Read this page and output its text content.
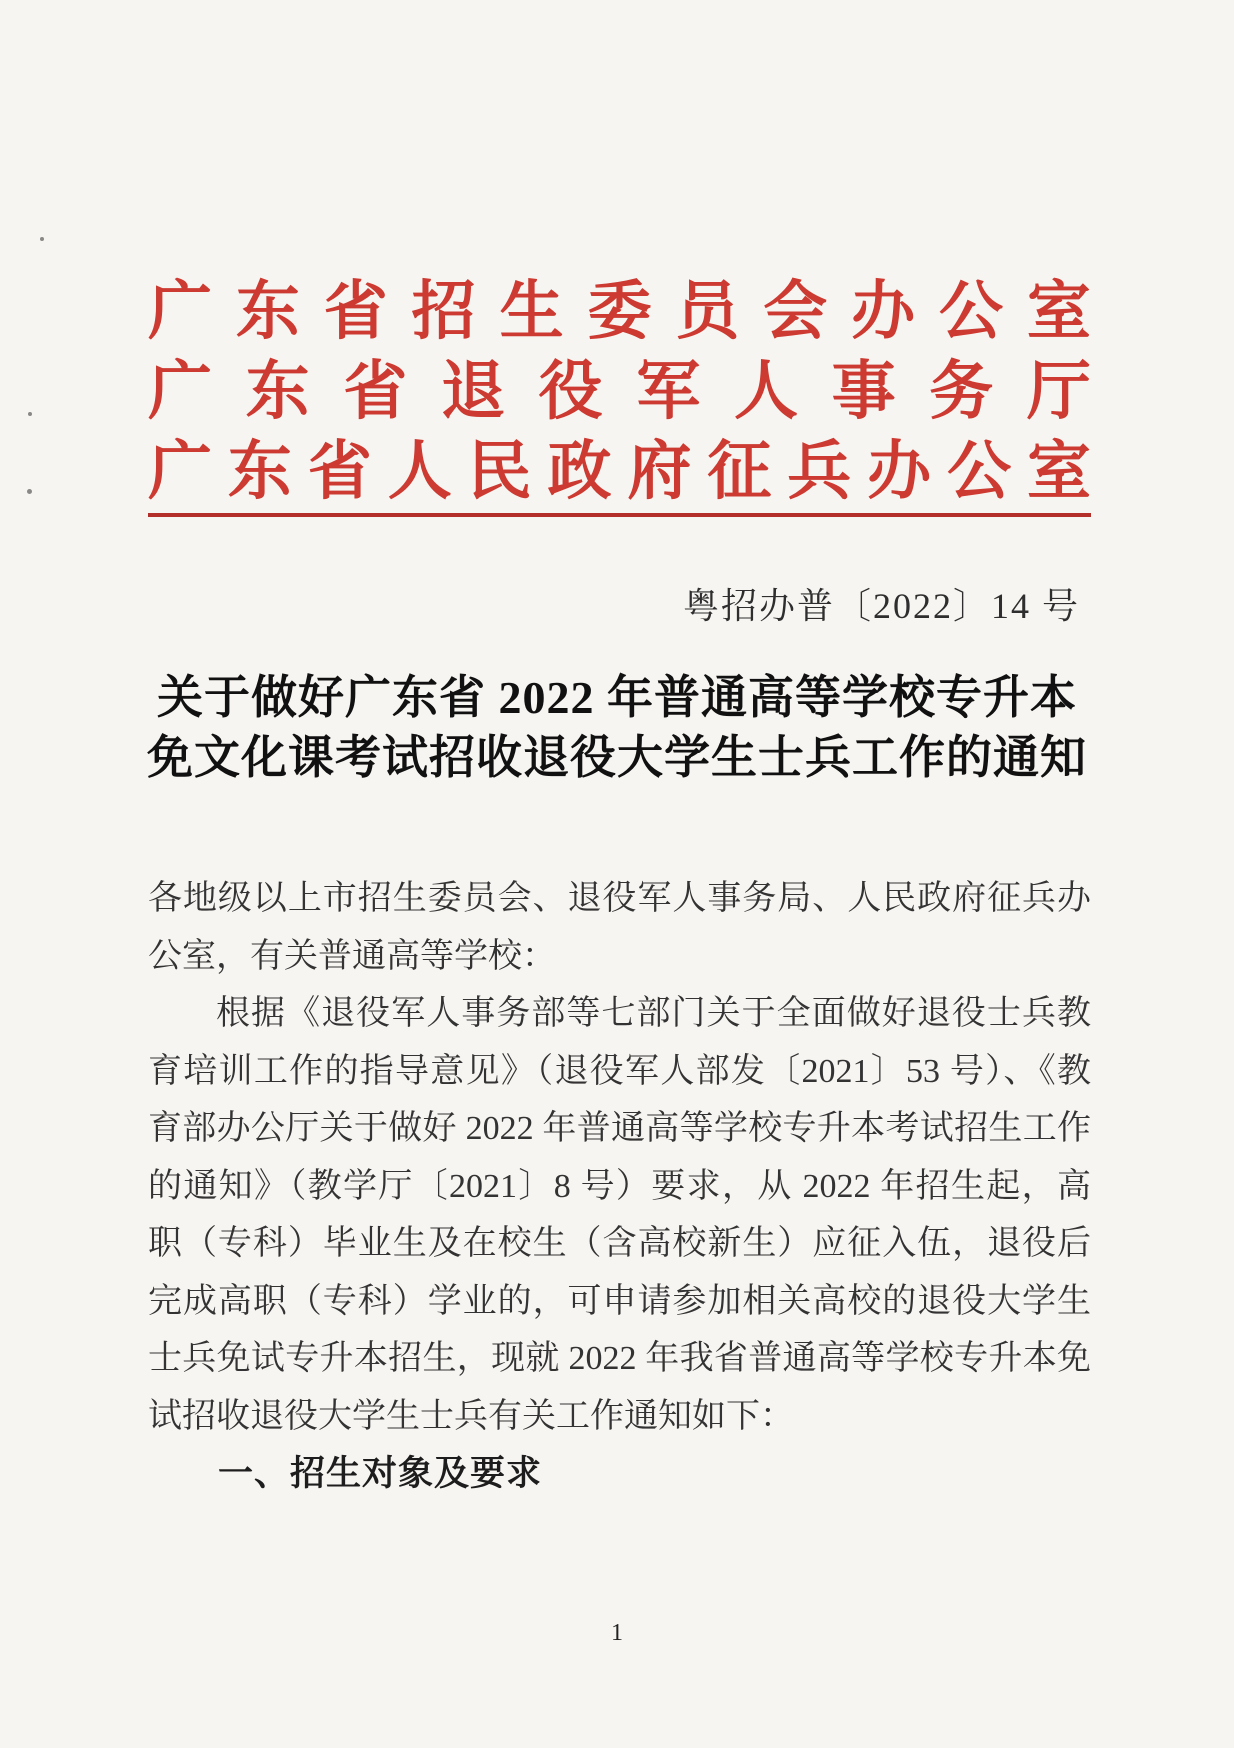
广 东 省 招 生 委 员 会 办 公 室
广 东 省 退 役 军 人 事 务 厅
广 东 省 人 民 政 府 征 兵 办 公 室
粤招办普〔2022〕14 号
关于做好广东省 2022 年普通高等学校专升本
免文化课考试招收退役大学生士兵工作的通知

各地级以上市招生委员会、退役军人事务局、人民政府征兵办公室，有关普通高等学校：

根据《退役军人事务部等七部门关于全面做好退役士兵教育培训工作的指导意见》（退役军人部发〔2021〕53 号）、《教育部办公厅关于做好 2022 年普通高等学校专升本考试招生工作的通知》（教学厅〔2021〕8 号）要求，从 2022 年招生起，高职（专科）毕业生及在校生（含高校新生）应征入伍，退役后完成高职（专科）学业的，可申请参加相关高校的退役大学生士兵免试专升本招生，现就 2022 年我省普通高等学校专升本免试招收退役大学生士兵有关工作通知如下：

一、招生对象及要求

1
